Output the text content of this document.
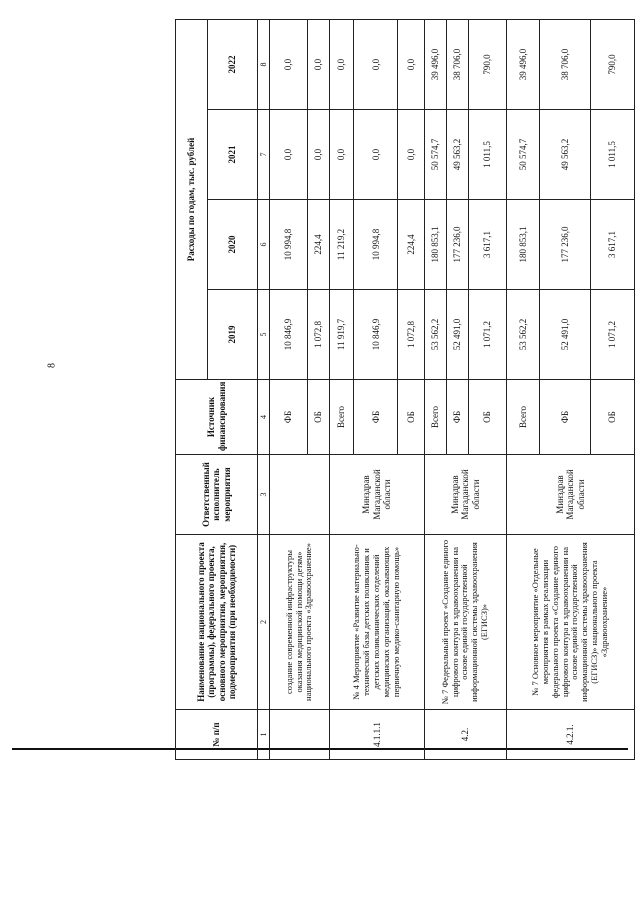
8
№ п/п	Наименование национального проекта (программы), федерального проекта, основного мероприятия, мероприятия, подмероприятия (при необходимости)	Ответственный исполнитель мероприятия	Источник финансирования	Расходы по годам, тыс. рублей			
				2019	2020	2021	2022
1	2	3	4	5	6	7	8
	создание современной инфраструктуры оказания медицинской помощи детям» национального проекта «Здравоохранение»		ФБ	10 846,9	10 994,8	0,0	0,0
			ОБ	1 072,8	224,4	0,0	0,0
4.1.1.1	№ 4 Мероприятие «Развитие материально-технической базы детских поликлиник и детских поликлинических отделений медицинских организаций, оказывающих первичную медико-санитарную помощь»	Минздрав Магаданской области	Всего	11 919,7	11 219,2	0,0	0,0
			ФБ	10 846,9	10 994,8	0,0	0,0
			ОБ	1 072,8	224,4	0,0	0,0
4.2.	№ 7 Федеральный проект «Создание единого цифрового контура в здравоохранении на основе единой государственной информационной системы здравоохранения (ЕГИСЗ)»	Минздрав Магаданской области	Всего	53 562,2	180 853,1	50 574,7	39 496,0
			ФБ	52 491,0	177 236,0	49 563,2	38 706,0
			ОБ	1 071,2	3 617,1	1 011,5	790,0
4.2.1.	№ 7 Основное мероприятие «Отдельные мероприятия в рамках реализации федерального проекта «Создание единого цифрового контура в здравоохранении на основе единой государственной информационной системы здравоохранения (ЕГИСЗ)» национального проекта «Здравоохранение»	Минздрав Магаданской области	Всего	53 562,2	180 853,1	50 574,7	39 496,0
			ФБ	52 491,0	177 236,0	49 563,2	38 706,0
			ОБ	1 071,2	3 617,1	1 011,5	790,0
